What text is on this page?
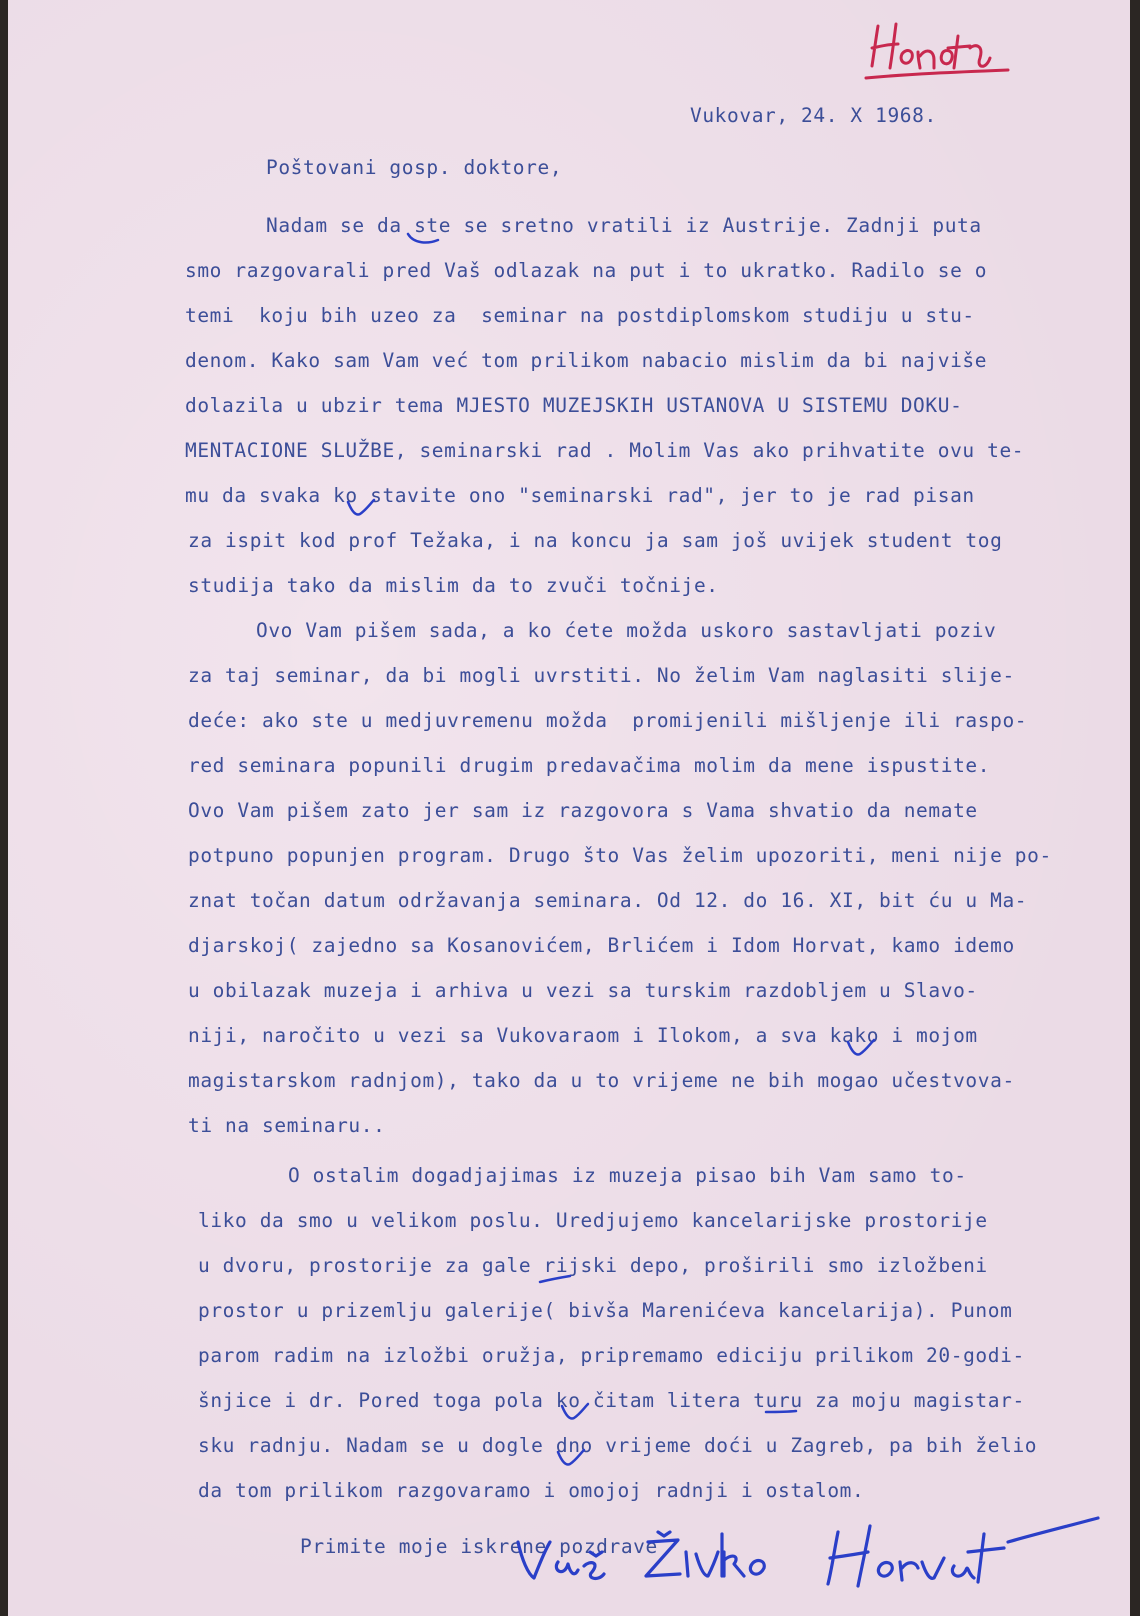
Vukovar, 24. X 1968.
Poštovani gosp. doktore,
Nadam se da ste se sretno vratili iz Austrije. Zadnji puta
smo razgovarali pred Vaš odlazak na put i to ukratko. Radilo se o
temi  koju bih uzeo za  seminar na postdiplomskom studiju u stu-
denom. Kako sam Vam već tom prilikom nabacio mislim da bi najviše
dolazila u ubzir tema MJESTO MUZEJSKIH USTANOVA U SISTEMU DOKU-
MENTACIONE SLUŽBE, seminarski rad . Molim Vas ako prihvatite ovu te-
mu da svaka ko stavite ono "seminarski rad", jer to je rad pisan
za ispit kod prof Težaka, i na koncu ja sam još uvijek student tog
studija tako da mislim da to zvuči točnije.
Ovo Vam pišem sada, a ko ćete možda uskoro sastavljati poziv
za taj seminar, da bi mogli uvrstiti. No želim Vam naglasiti slije-
deće: ako ste u medjuvremenu možda  promijenili mišljenje ili raspo-
red seminara popunili drugim predavačima molim da mene ispustite.
Ovo Vam pišem zato jer sam iz razgovora s Vama shvatio da nemate
potpuno popunjen program. Drugo što Vas želim upozoriti, meni nije po-
znat točan datum održavanja seminara. Od 12. do 16. XI, bit ću u Ma-
djarskoj( zajedno sa Kosanovićem, Brlićem i Idom Horvat, kamo idemo
u obilazak muzeja i arhiva u vezi sa turskim razdobljem u Slavo-
niji, naročito u vezi sa Vukovaraom i Ilokom, a sva kako i mojom
magistarskom radnjom), tako da u to vrijeme ne bih mogao učestvova-
ti na seminaru..
O ostalim dogadjajimas iz muzeja pisao bih Vam samo to-
liko da smo u velikom poslu. Uredjujemo kancelarijske prostorije
u dvoru, prostorije za gale rijski depo, proširili smo izložbeni
prostor u prizemlju galerije( bivša Marenićeva kancelarija). Punom
parom radim na izložbi oružja, pripremamo ediciju prilikom 20-godi-
šnjice i dr. Pored toga pola ko čitam litera turu za moju magistar-
sku radnju. Nadam se u dogle dno vrijeme doći u Zagreb, pa bih želio
da tom prilikom razgovaramo i omojoj radnji i ostalom.
Primite moje iskrene pozdrave
